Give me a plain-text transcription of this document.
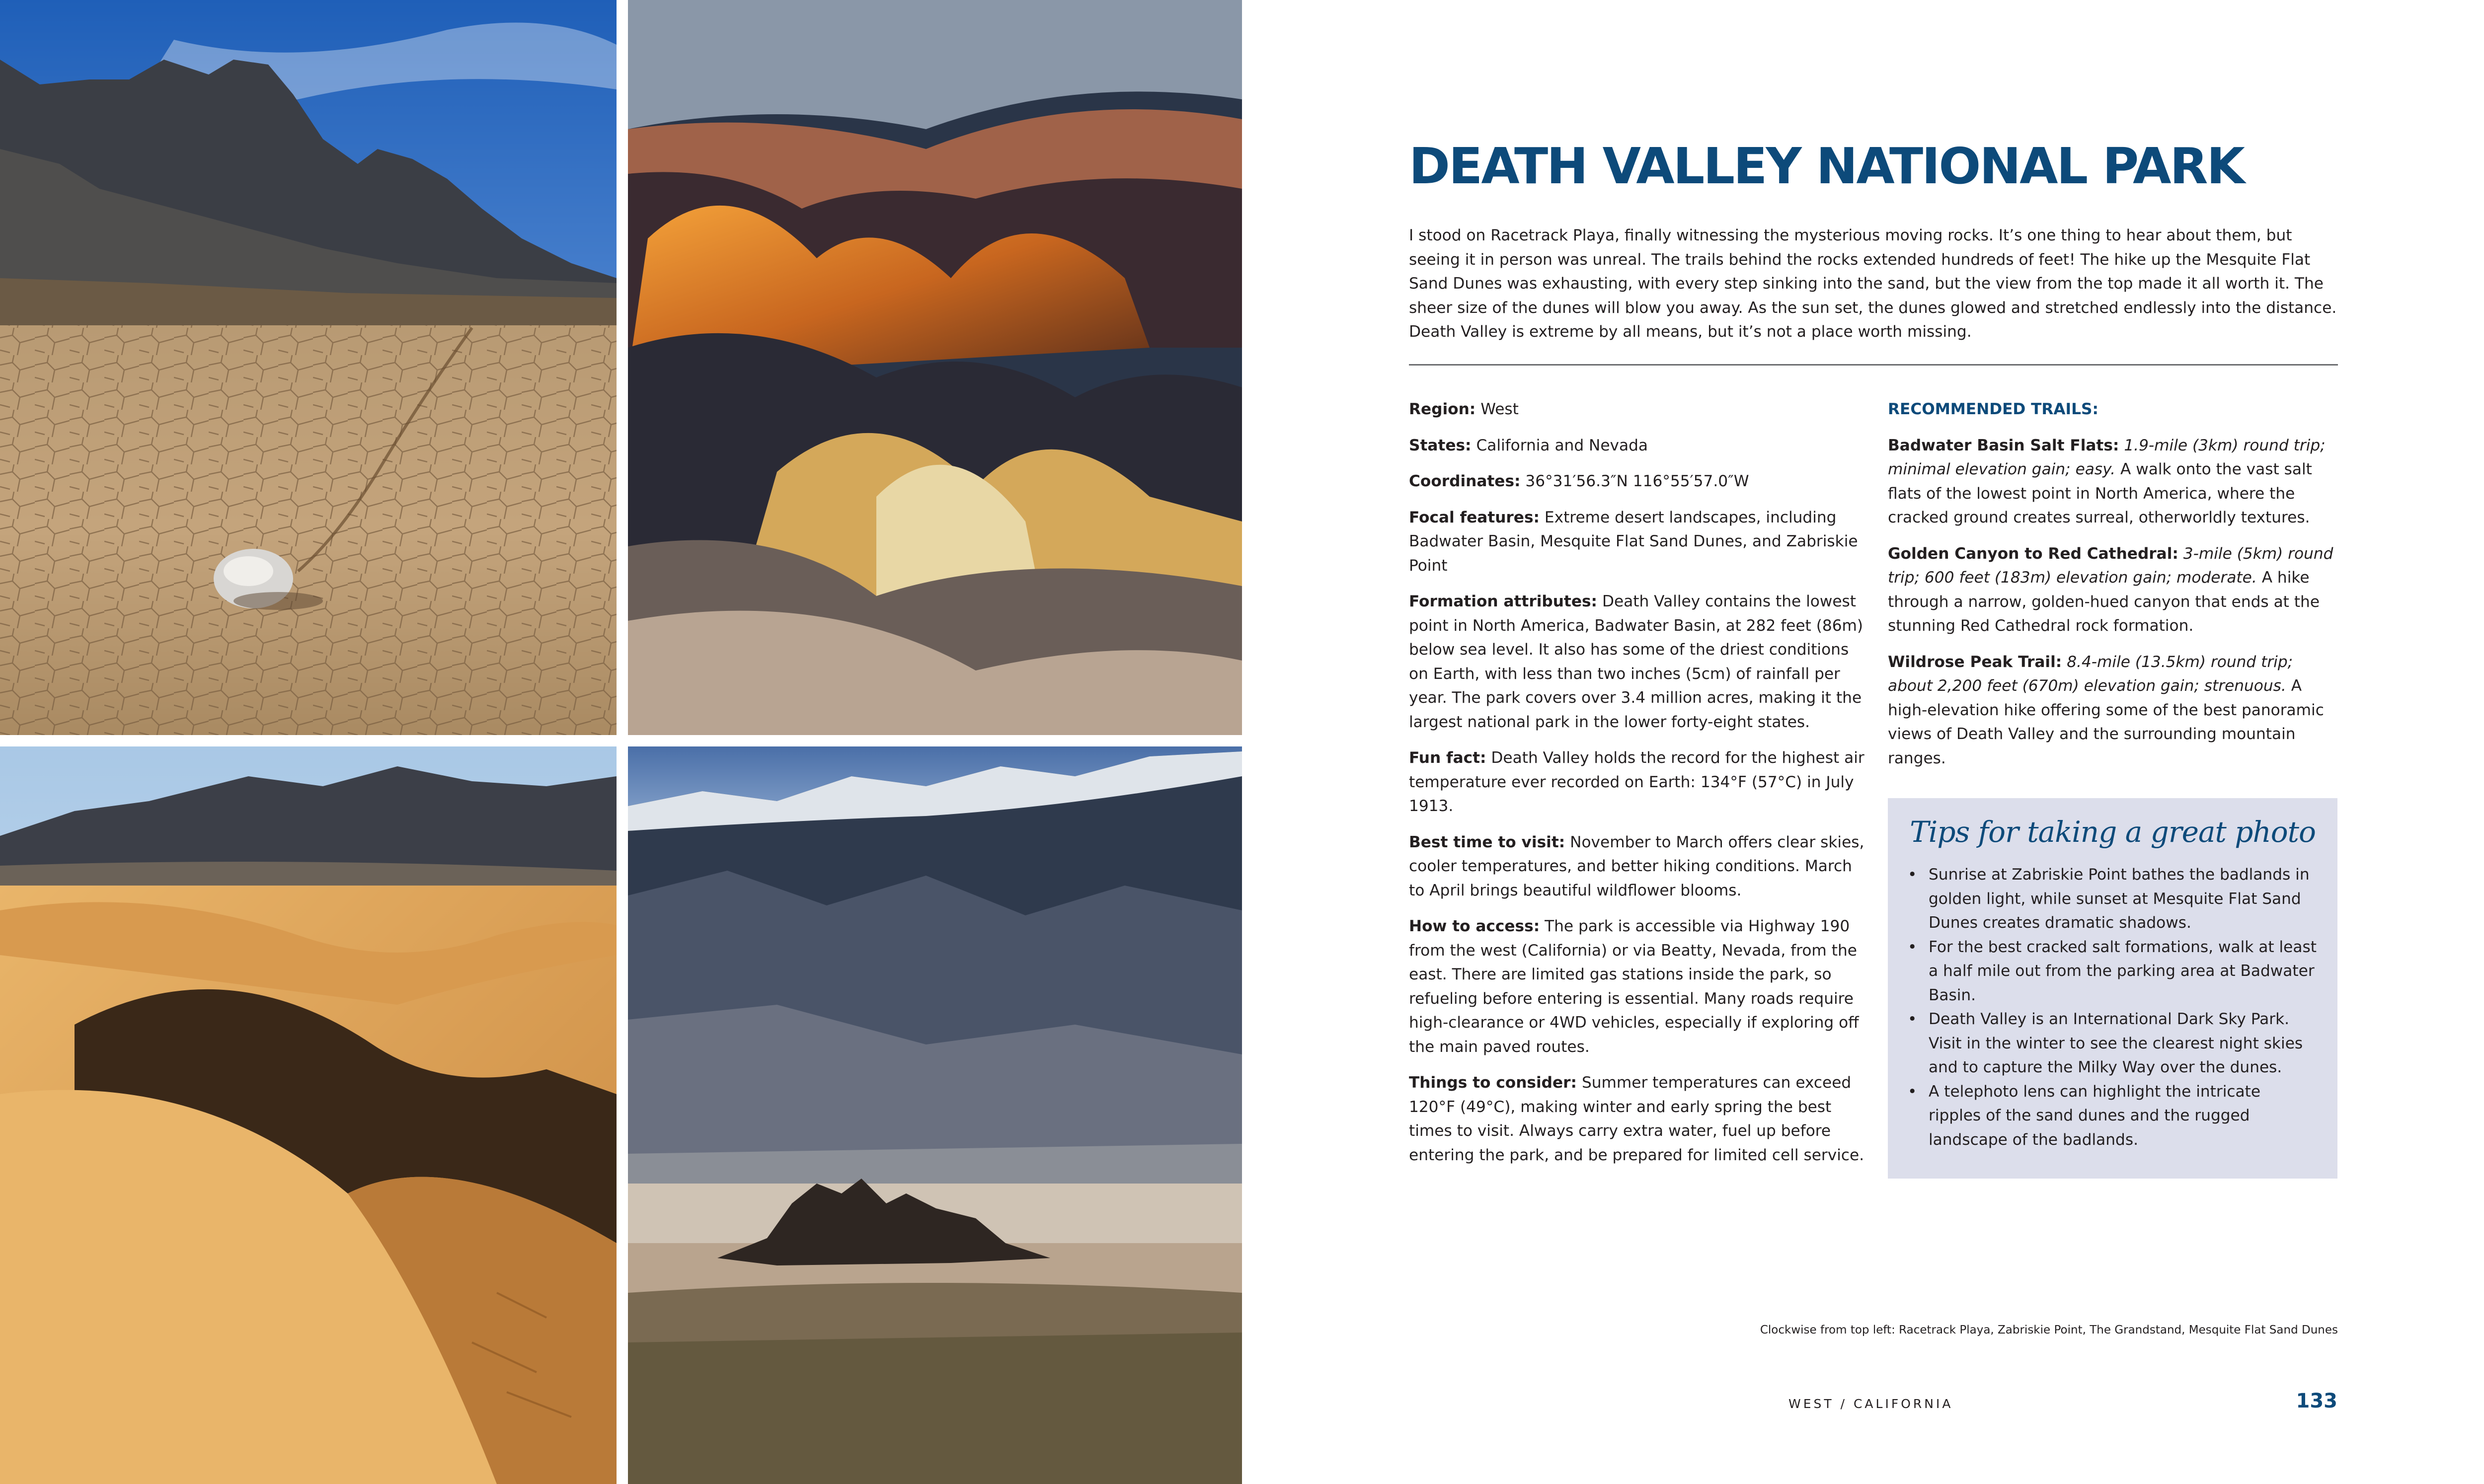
DEATH VALLEY NATIONAL PARK

I stood on Racetrack Playa, finally witnessing the mysterious moving rocks. It’s one thing to hear about them, but seeing it in person was unreal. The trails behind the rocks extended hundreds of feet! The hike up the Mesquite Flat Sand Dunes was exhausting, with every step sinking into the sand, but the view from the top made it all worth it. The sheer size of the dunes will blow you away. As the sun set, the dunes glowed and stretched endlessly into the distance. Death Valley is extreme by all means, but it’s not a place worth missing.

Region: West

States: California and Nevada

Coordinates: 36°31′56.3″N 116°55′57.0″W

Focal features: Extreme desert landscapes, including Badwater Basin, Mesquite Flat Sand Dunes, and Zabriskie Point

Formation attributes: Death Valley contains the lowest point in North America, Badwater Basin, at 282 feet (86m) below sea level. It also has some of the driest conditions on Earth, with less than two inches (5cm) of rainfall per year. The park covers over 3.4 million acres, making it the largest national park in the lower forty-eight states.

Fun fact: Death Valley holds the record for the highest air temperature ever recorded on Earth: 134°F (57°C) in July 1913.

Best time to visit: November to March offers clear skies, cooler temperatures, and better hiking conditions. March to April brings beautiful wildflower blooms.

How to access: The park is accessible via Highway 190 from the west (California) or via Beatty, Nevada, from the east. There are limited gas stations inside the park, so refueling before entering is essential. Many roads require high-clearance or 4WD vehicles, especially if exploring off the main paved routes.

Things to consider: Summer temperatures can exceed 120°F (49°C), making winter and early spring the best times to visit. Always carry extra water, fuel up before entering the park, and be prepared for limited cell service.

RECOMMENDED TRAILS:

Badwater Basin Salt Flats: 1.9-mile (3km) round trip; minimal elevation gain; easy. A walk onto the vast salt flats of the lowest point in North America, where the cracked ground creates surreal, otherworldly textures.

Golden Canyon to Red Cathedral: 3-mile (5km) round trip; 600 feet (183m) elevation gain; moderate. A hike through a narrow, golden-hued canyon that ends at the stunning Red Cathedral rock formation.

Wildrose Peak Trail: 8.4-mile (13.5km) round trip; about 2,200 feet (670m) elevation gain; strenuous. A high-elevation hike offering some of the best panoramic views of Death Valley and the surrounding mountain ranges.

Tips for taking a great photo
• Sunrise at Zabriskie Point bathes the badlands in golden light, while sunset at Mesquite Flat Sand Dunes creates dramatic shadows.
• For the best cracked salt formations, walk at least a half mile out from the parking area at Badwater Basin.
• Death Valley is an International Dark Sky Park. Visit in the winter to see the clearest night skies and to capture the Milky Way over the dunes.
• A telephoto lens can highlight the intricate ripples of the sand dunes and the rugged landscape of the badlands.
Clockwise from top left: Racetrack Playa, Zabriskie Point, The Grandstand, Mesquite Flat Sand Dunes
WEST / CALIFORNIA	133
